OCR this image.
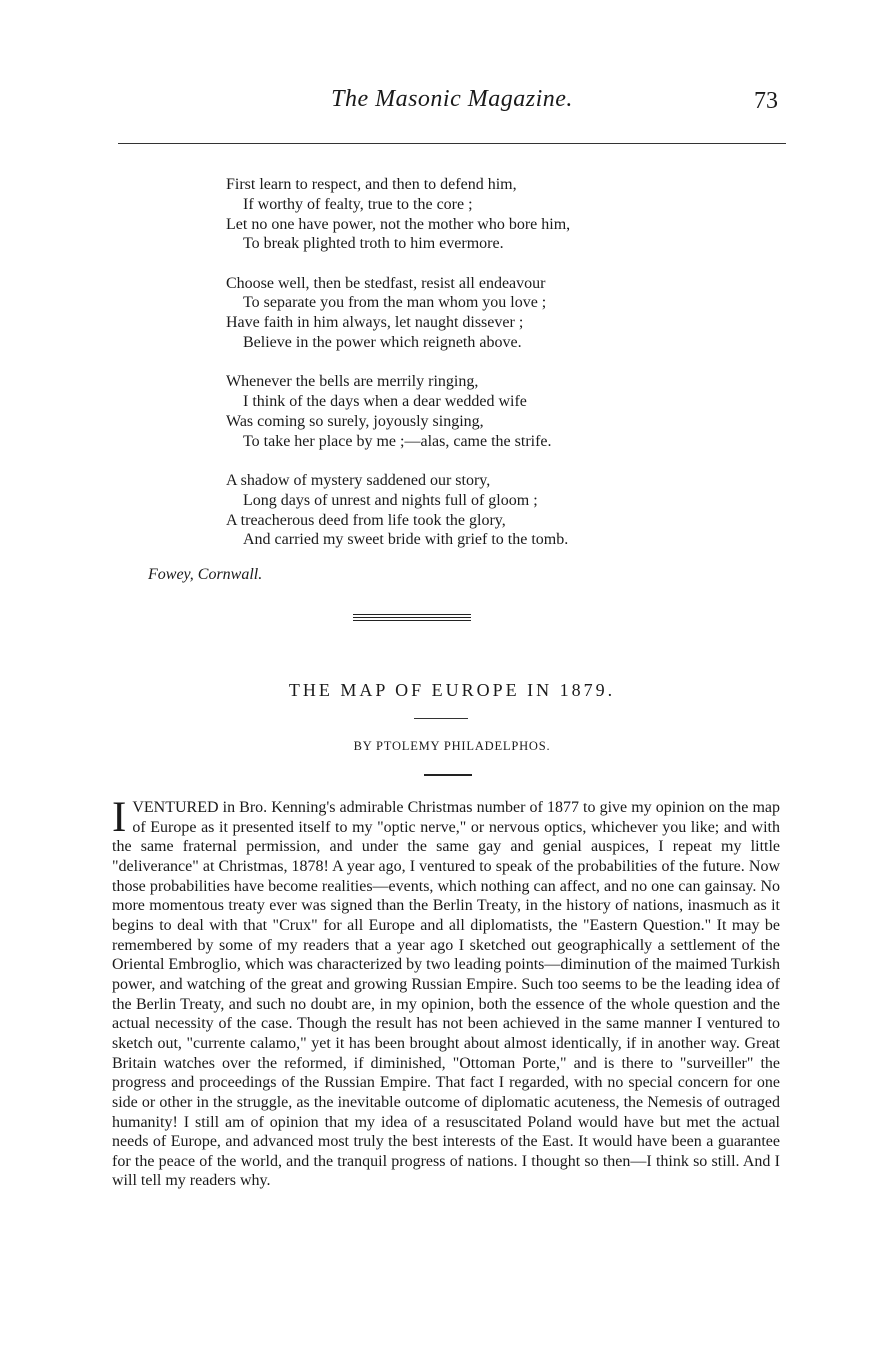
The Masonic Magazine.	73
First learn to respect, and then to defend him,
If worthy of fealty, true to the core ;
Let no one have power, not the mother who bore him,
To break plighted troth to him evermore.
Choose well, then be stedfast, resist all endeavour
To separate you from the man whom you love ;
Have faith in him always, let naught dissever ;
Believe in the power which reigneth above.
Whenever the bells are merrily ringing,
I think of the days when a dear wedded wife
Was coming so surely, joyously singing,
To take her place by me ;—alas, came the strife.
A shadow of mystery saddened our story,
Long days of unrest and nights full of gloom ;
A treacherous deed from life took the glory,
And carried my sweet bride with grief to the tomb.
Fowey, Cornwall.
THE MAP OF EUROPE IN 1879.
BY PTOLEMY PHILADELPHOS.
I VENTURED in Bro. Kenning's admirable Christmas number of 1877 to give my opinion on the map of Europe as it presented itself to my "optic nerve," or nervous optics, whichever you like; and with the same fraternal permission, and under the same gay and genial auspices, I repeat my little "deliverance" at Christmas, 1878! A year ago, I ventured to speak of the probabilities of the future. Now those probabilities have become realities—events, which nothing can affect, and no one can gainsay. No more momentous treaty ever was signed than the Berlin Treaty, in the history of nations, inasmuch as it begins to deal with that "Crux" for all Europe and all diplomatists, the "Eastern Question." It may be remembered by some of my readers that a year ago I sketched out geographically a settlement of the Oriental Embroglio, which was characterized by two leading points—diminution of the maimed Turkish power, and watching of the great and growing Russian Empire. Such too seems to be the leading idea of the Berlin Treaty, and such no doubt are, in my opinion, both the essence of the whole question and the actual necessity of the case. Though the result has not been achieved in the same manner I ventured to sketch out, "currente calamo," yet it has been brought about almost identically, if in another way. Great Britain watches over the reformed, if diminished, "Ottoman Porte," and is there to "surveiller" the progress and proceedings of the Russian Empire. That fact I regarded, with no special concern for one side or other in the struggle, as the inevitable outcome of diplomatic acuteness, the Nemesis of outraged humanity! I still am of opinion that my idea of a resuscitated Poland would have but met the actual needs of Europe, and advanced most truly the best interests of the East. It would have been a guarantee for the peace of the world, and the tranquil progress of nations. I thought so then—I think so still. And I will tell my readers why.
